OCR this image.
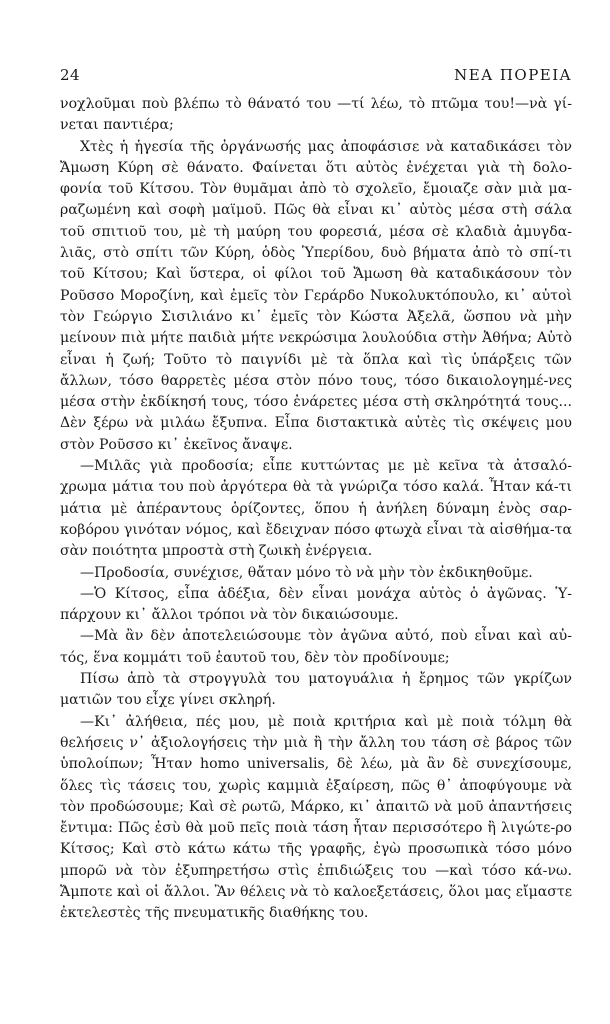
24	ΝΕΑ ΠΟΡΕΙΑ

νοχλοῦμαι ποὺ βλέπω τὸ θάνατό του —τί λέω, τὸ πτῶμα του!—νὰ γί-νεται παντιέρα;

Χτὲς ἡ ἡγεσία τῆς ὀργάνωσής μας ἀποφάσισε νὰ καταδικάσει τὸν Ἄμωση Κύρη σὲ θάνατο. Φαίνεται ὅτι αὐτὸς ἐνέχεται γιὰ τὴ δολο-φονία τοῦ Κίτσου. Τὸν θυμᾶμαι ἀπὸ τὸ σχολεῖο, ἔμοιαζε σὰν μιὰ μα-ραζωμένη καὶ σοφὴ μαϊμοῦ. Πῶς θὰ εἶναι κι᾿ αὐτὸς μέσα στὴ σάλα τοῦ σπιτιοῦ του, μὲ τὴ μαύρη του φορεσιά, μέσα σὲ κλαδιὰ ἀμυγδα-λιᾶς, στὸ σπίτι τῶν Κύρη, ὁδὸς Ὑπερίδου, δυὸ βήματα ἀπὸ τὸ σπί-τι τοῦ Κίτσου; Καὶ ὕστερα, οἱ φίλοι τοῦ Ἄμωση θὰ καταδικάσουν τὸν Ροῦσσο Μοροζίνη, καὶ ἐμεῖς τὸν Γεράρδο Νυκολυκτόπουλο, κι᾿ αὐτοὶ τὸν Γεώργιο Σισιλιάνο κι᾿ ἐμεῖς τὸν Κώστα Ἀξελᾶ, ὥσπου νὰ μὴν μείνουν πιὰ μήτε παιδιὰ μήτε νεκρώσιμα λουλούδια στὴν Ἀθήνα; Αὐτὸ εἶναι ἡ ζωή; Τοῦτο τὸ παιγνίδι μὲ τὰ ὅπλα καὶ τὶς ὑπάρξεις τῶν ἄλλων, τόσο θαρρετὲς μέσα στὸν πόνο τους, τόσο δικαιολογημέ-νες μέσα στὴν ἐκδίκησή τους, τόσο ἐνάρετες μέσα στὴ σκληρότητά τους... Δὲν ξέρω νὰ μιλάω ἔξυπνα. Εἶπα διστακτικὰ αὐτὲς τὶς σκέψεις μου στὸν Ροῦσσο κι᾿ ἐκεῖνος ἄναψε.

—Μιλᾶς γιὰ προδοσία; εἶπε κυττώντας με μὲ κεῖνα τὰ ἀτσαλό-χρωμα μάτια του ποὺ ἀργότερα θὰ τὰ γνώριζα τόσο καλά. Ἦταν κά-τι μάτια μὲ ἀπέραντους ὁρίζοντες, ὅπου ἡ ἀνήλεη δύναμη ἑνὸς σαρ-κοβόρου γινόταν νόμος, καὶ ἔδειχναν πόσο φτωχὰ εἶναι τὰ αἰσθήμα-τα σὰν ποιότητα μπροστὰ στὴ ζωικὴ ἐνέργεια.

—Προδοσία, συνέχισε, θἄταν μόνο τὸ νὰ μὴν τὸν ἐκδικηθοῦμε.

—Ὁ Κίτσος, εἶπα ἀδέξια, δὲν εἶναι μονάχα αὐτὸς ὁ ἀγῶνας. Ὑ-πάρχουν κι᾿ ἄλλοι τρόποι νὰ τὸν δικαιώσουμε.

—Μὰ ἂν δὲν ἀποτελειώσουμε τὸν ἀγῶνα αὐτό, ποὺ εἶναι καὶ αὐ-τός, ἕνα κομμάτι τοῦ ἑαυτοῦ του, δὲν τὸν προδίνουμε;

Πίσω ἀπὸ τὰ στρογγυλὰ του ματογυάλια ἡ ἔρημος τῶν γκρίζων ματιῶν του εἶχε γίνει σκληρή.

—Κι᾿ ἀλήθεια, πές μου, μὲ ποιὰ κριτήρια καὶ μὲ ποιὰ τόλμη θὰ θελήσεις ν᾿ ἀξιολογήσεις τὴν μιὰ ἢ τὴν ἄλλη του τάση σὲ βάρος τῶν ὑπολοίπων; Ἦταν homo universalis, δὲ λέω, μὰ ἂν δὲ συνεχίσουμε, ὅλες τὶς τάσεις του, χωρὶς καμμιὰ ἐξαίρεση, πῶς θ᾿ ἀποφύγουμε νὰ τὸν προδώσουμε; Καὶ σὲ ρωτῶ, Μάρκο, κι᾿ ἀπαιτῶ νὰ μοῦ ἀπαντήσεις ἔντιμα: Πῶς ἐσὺ θὰ μοῦ πεῖς ποιὰ τάση ἦταν περισσότερο ἢ λιγώτε-ρο Κίτσος; Καὶ στὸ κάτω κάτω τῆς γραφῆς, ἐγὼ προσωπικὰ τόσο μόνο μπορῶ νὰ τὸν ἐξυπηρετήσω στὶς ἐπιδιώξεις του —καὶ τόσο κά-νω. Ἄμποτε καὶ οἱ ἄλλοι. Ἂν θέλεις νὰ τὸ καλοεξετάσεις, ὅλοι μας εἴμαστε ἐκτελεστὲς τῆς πνευματικῆς διαθήκης του.
